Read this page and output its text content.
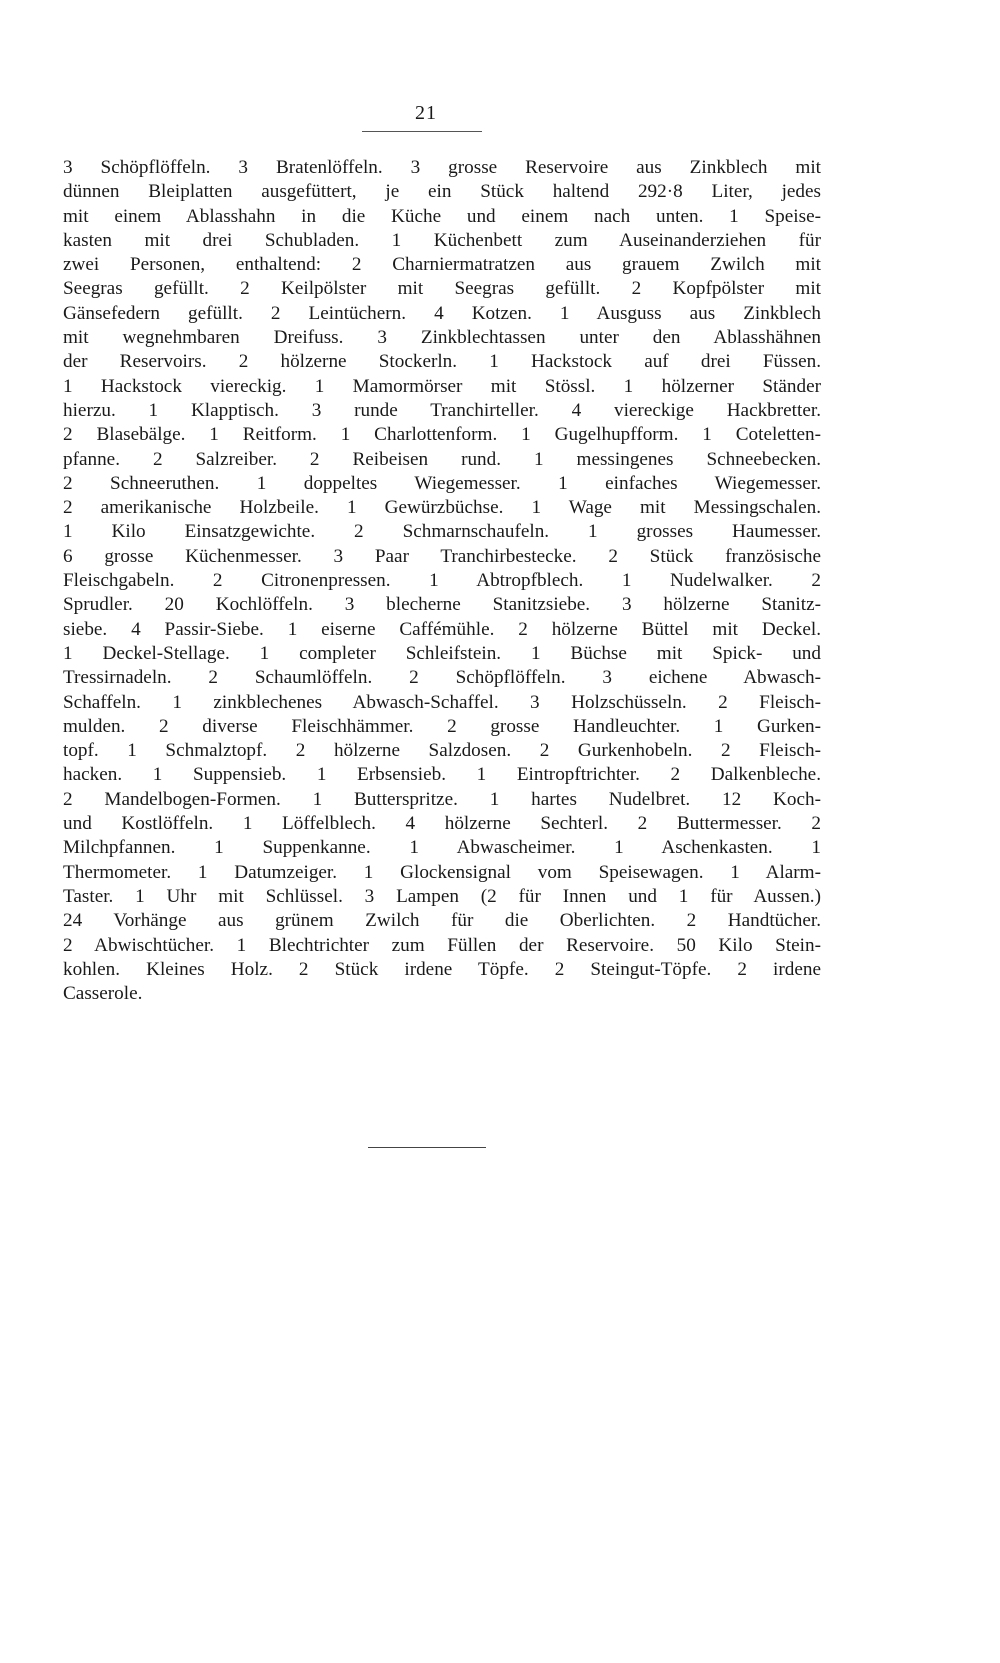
21
3 Schöpflöffeln. 3 Bratenlöffeln. 3 grosse Reservoire aus Zinkblech mit
dünnen Bleiplatten ausgefüttert, je ein Stück haltend 292·8 Liter, jedes
mit einem Ablasshahn in die Küche und einem nach unten. 1 Speise-
kasten mit drei Schubladen. 1 Küchenbett zum Auseinanderziehen für
zwei Personen, enthaltend: 2 Charniermatratzen aus grauem Zwilch mit
Seegras gefüllt. 2 Keilpölster mit Seegras gefüllt. 2 Kopfpölster mit
Gänsefedern gefüllt. 2 Leintüchern. 4 Kotzen. 1 Ausguss aus Zinkblech
mit wegnehmbaren Dreifuss. 3 Zinkblechtassen unter den Ablasshähnen
der Reservoirs. 2 hölzerne Stockerln. 1 Hackstock auf drei Füssen.
1 Hackstock viereckig. 1 Mamormörser mit Stössl. 1 hölzerner Ständer
hierzu. 1 Klapptisch. 3 runde Tranchirteller. 4 viereckige Hackbretter.
2 Blasebälge. 1 Reitform. 1 Charlottenform. 1 Gugelhupfform. 1 Coteletten-
pfanne. 2 Salzreiber. 2 Reibeisen rund. 1 messingenes Schneebecken.
2 Schneeruthen. 1 doppeltes Wiegemesser. 1 einfaches Wiegemesser.
2 amerikanische Holzbeile. 1 Gewürzbüchse. 1 Wage mit Messingschalen.
1 Kilo Einsatzgewichte. 2 Schmarnschaufeln. 1 grosses Haumesser.
6 grosse Küchenmesser. 3 Paar Tranchirbestecke. 2 Stück französische
Fleischgabeln. 2 Citronenpressen. 1 Abtropfblech. 1 Nudelwalker. 2
Sprudler. 20 Kochlöffeln. 3 blecherne Stanitzsiebe. 3 hölzerne Stanitz-
siebe. 4 Passir-Siebe. 1 eiserne Caffémühle. 2 hölzerne Büttel mit Deckel.
1 Deckel-Stellage. 1 completer Schleifstein. 1 Büchse mit Spick- und
Tressirnadeln. 2 Schaumlöffeln. 2 Schöpflöffeln. 3 eichene Abwasch-
Schaffeln. 1 zinkblechenes Abwasch-Schaffel. 3 Holzschüsseln. 2 Fleisch-
mulden. 2 diverse Fleischhämmer. 2 grosse Handleuchter. 1 Gurken-
topf. 1 Schmalztopf. 2 hölzerne Salzdosen. 2 Gurkenhobeln. 2 Fleisch-
hacken. 1 Suppensieb. 1 Erbsensieb. 1 Eintropftrichter. 2 Dalkenbleche.
2 Mandelbogen-Formen. 1 Butterspritze. 1 hartes Nudelbret. 12 Koch-
und Kostlöffeln. 1 Löffelblech. 4 hölzerne Sechterl. 2 Buttermesser. 2
Milchpfannen. 1 Suppenkanne. 1 Abwascheimer. 1 Aschenkasten. 1
Thermometer. 1 Datumzeiger. 1 Glockensignal vom Speisewagen. 1 Alarm-
Taster. 1 Uhr mit Schlüssel. 3 Lampen (2 für Innen und 1 für Aussen.)
24 Vorhänge aus grünem Zwilch für die Oberlichten. 2 Handtücher.
2 Abwischtücher. 1 Blechtrichter zum Füllen der Reservoire. 50 Kilo Stein-
kohlen. Kleines Holz. 2 Stück irdene Töpfe. 2 Steingut-Töpfe. 2 irdene
Casserole.
